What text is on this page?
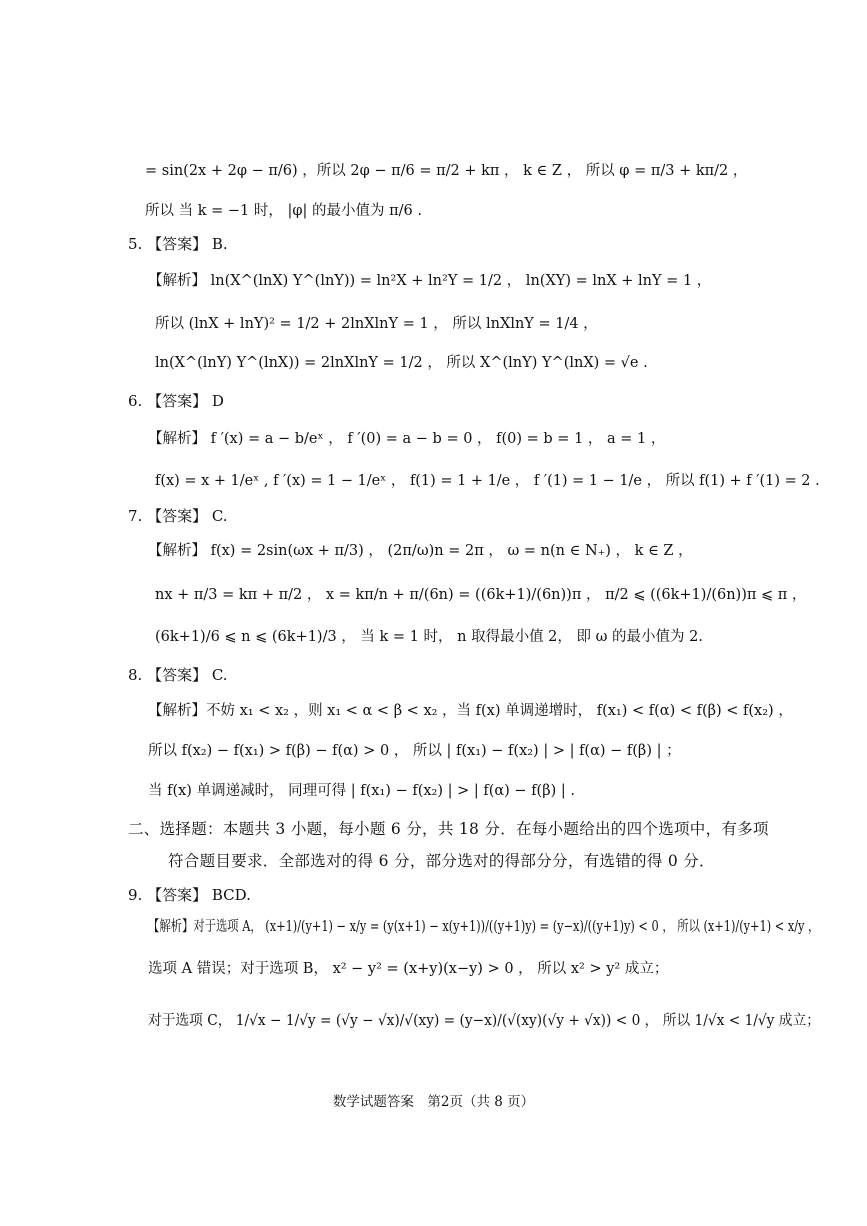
= sin(2x + 2φ − π/6) ，所以 2φ − π/6 = π/2 + kπ ， k ∈ Z ， 所以 φ = π/3 + kπ/2 ，
所以 当 k = −1 时， |φ| 的最小值为 π/6 .
5. 【答案】 B.
【解析】 ln(X^(lnX) Y^(lnY)) = ln²X + ln²Y = 1/2 ， ln(XY) = lnX + lnY = 1 ，
所以 (lnX + lnY)² = 1/2 + 2lnXlnY = 1 ， 所以 lnXlnY = 1/4 ，
ln(X^(lnY) Y^(lnX)) = 2lnXlnY = 1/2 ， 所以 X^(lnY) Y^(lnX) = √e .
6. 【答案】 D
【解析】 f ′(x) = a − b/eˣ ， f ′(0) = a − b = 0 ， f(0) = b = 1 ， a = 1 ，
f(x) = x + 1/eˣ , f ′(x) = 1 − 1/eˣ ， f(1) = 1 + 1/e ， f ′(1) = 1 − 1/e ， 所以 f(1) + f ′(1) = 2 .
7. 【答案】 C.
【解析】 f(x) = 2sin(ωx + π/3) ， (2π/ω)n = 2π ， ω = n(n ∈ N₊) ， k ∈ Z ，
nx + π/3 = kπ + π/2 ， x = kπ/n + π/(6n) = ((6k+1)/(6n))π ， π/2 ⩽ ((6k+1)/(6n))π ⩽ π ，
(6k+1)/6 ⩽ n ⩽ (6k+1)/3 ， 当 k = 1 时， n 取得最小值 2， 即 ω 的最小值为 2.
8. 【答案】 C.
【解析】不妨 x₁ < x₂ ，则 x₁ < α < β < x₂ ，当 f(x) 单调递增时， f(x₁) < f(α) < f(β) < f(x₂) ，
所以 f(x₂) − f(x₁) > f(β) − f(α) > 0 ， 所以 | f(x₁) − f(x₂) | > | f(α) − f(β) | ；
当 f(x) 单调递减时， 同理可得 | f(x₁) − f(x₂) | > | f(α) − f(β) | .
二、选择题：本题共 3 小题，每小题 6 分，共 18 分．在每小题给出的四个选项中，有多项
符合题目要求．全部选对的得 6 分，部分选对的得部分分，有选错的得 0 分．
9. 【答案】 BCD.
【解析】对于选项 A， (x+1)/(y+1) − x/y = (y(x+1) − x(y+1))/((y+1)y) = (y−x)/((y+1)y) < 0 ， 所以 (x+1)/(y+1) < x/y ，
选项 A 错误；对于选项 B， x² − y² = (x+y)(x−y) > 0 ， 所以 x² > y² 成立；
对于选项 C， 1/√x − 1/√y = (√y − √x)/√(xy) = (y−x)/(√(xy)(√y + √x)) < 0 ， 所以 1/√x < 1/√y 成立；
数学试题答案　第2页（共 8 页）
